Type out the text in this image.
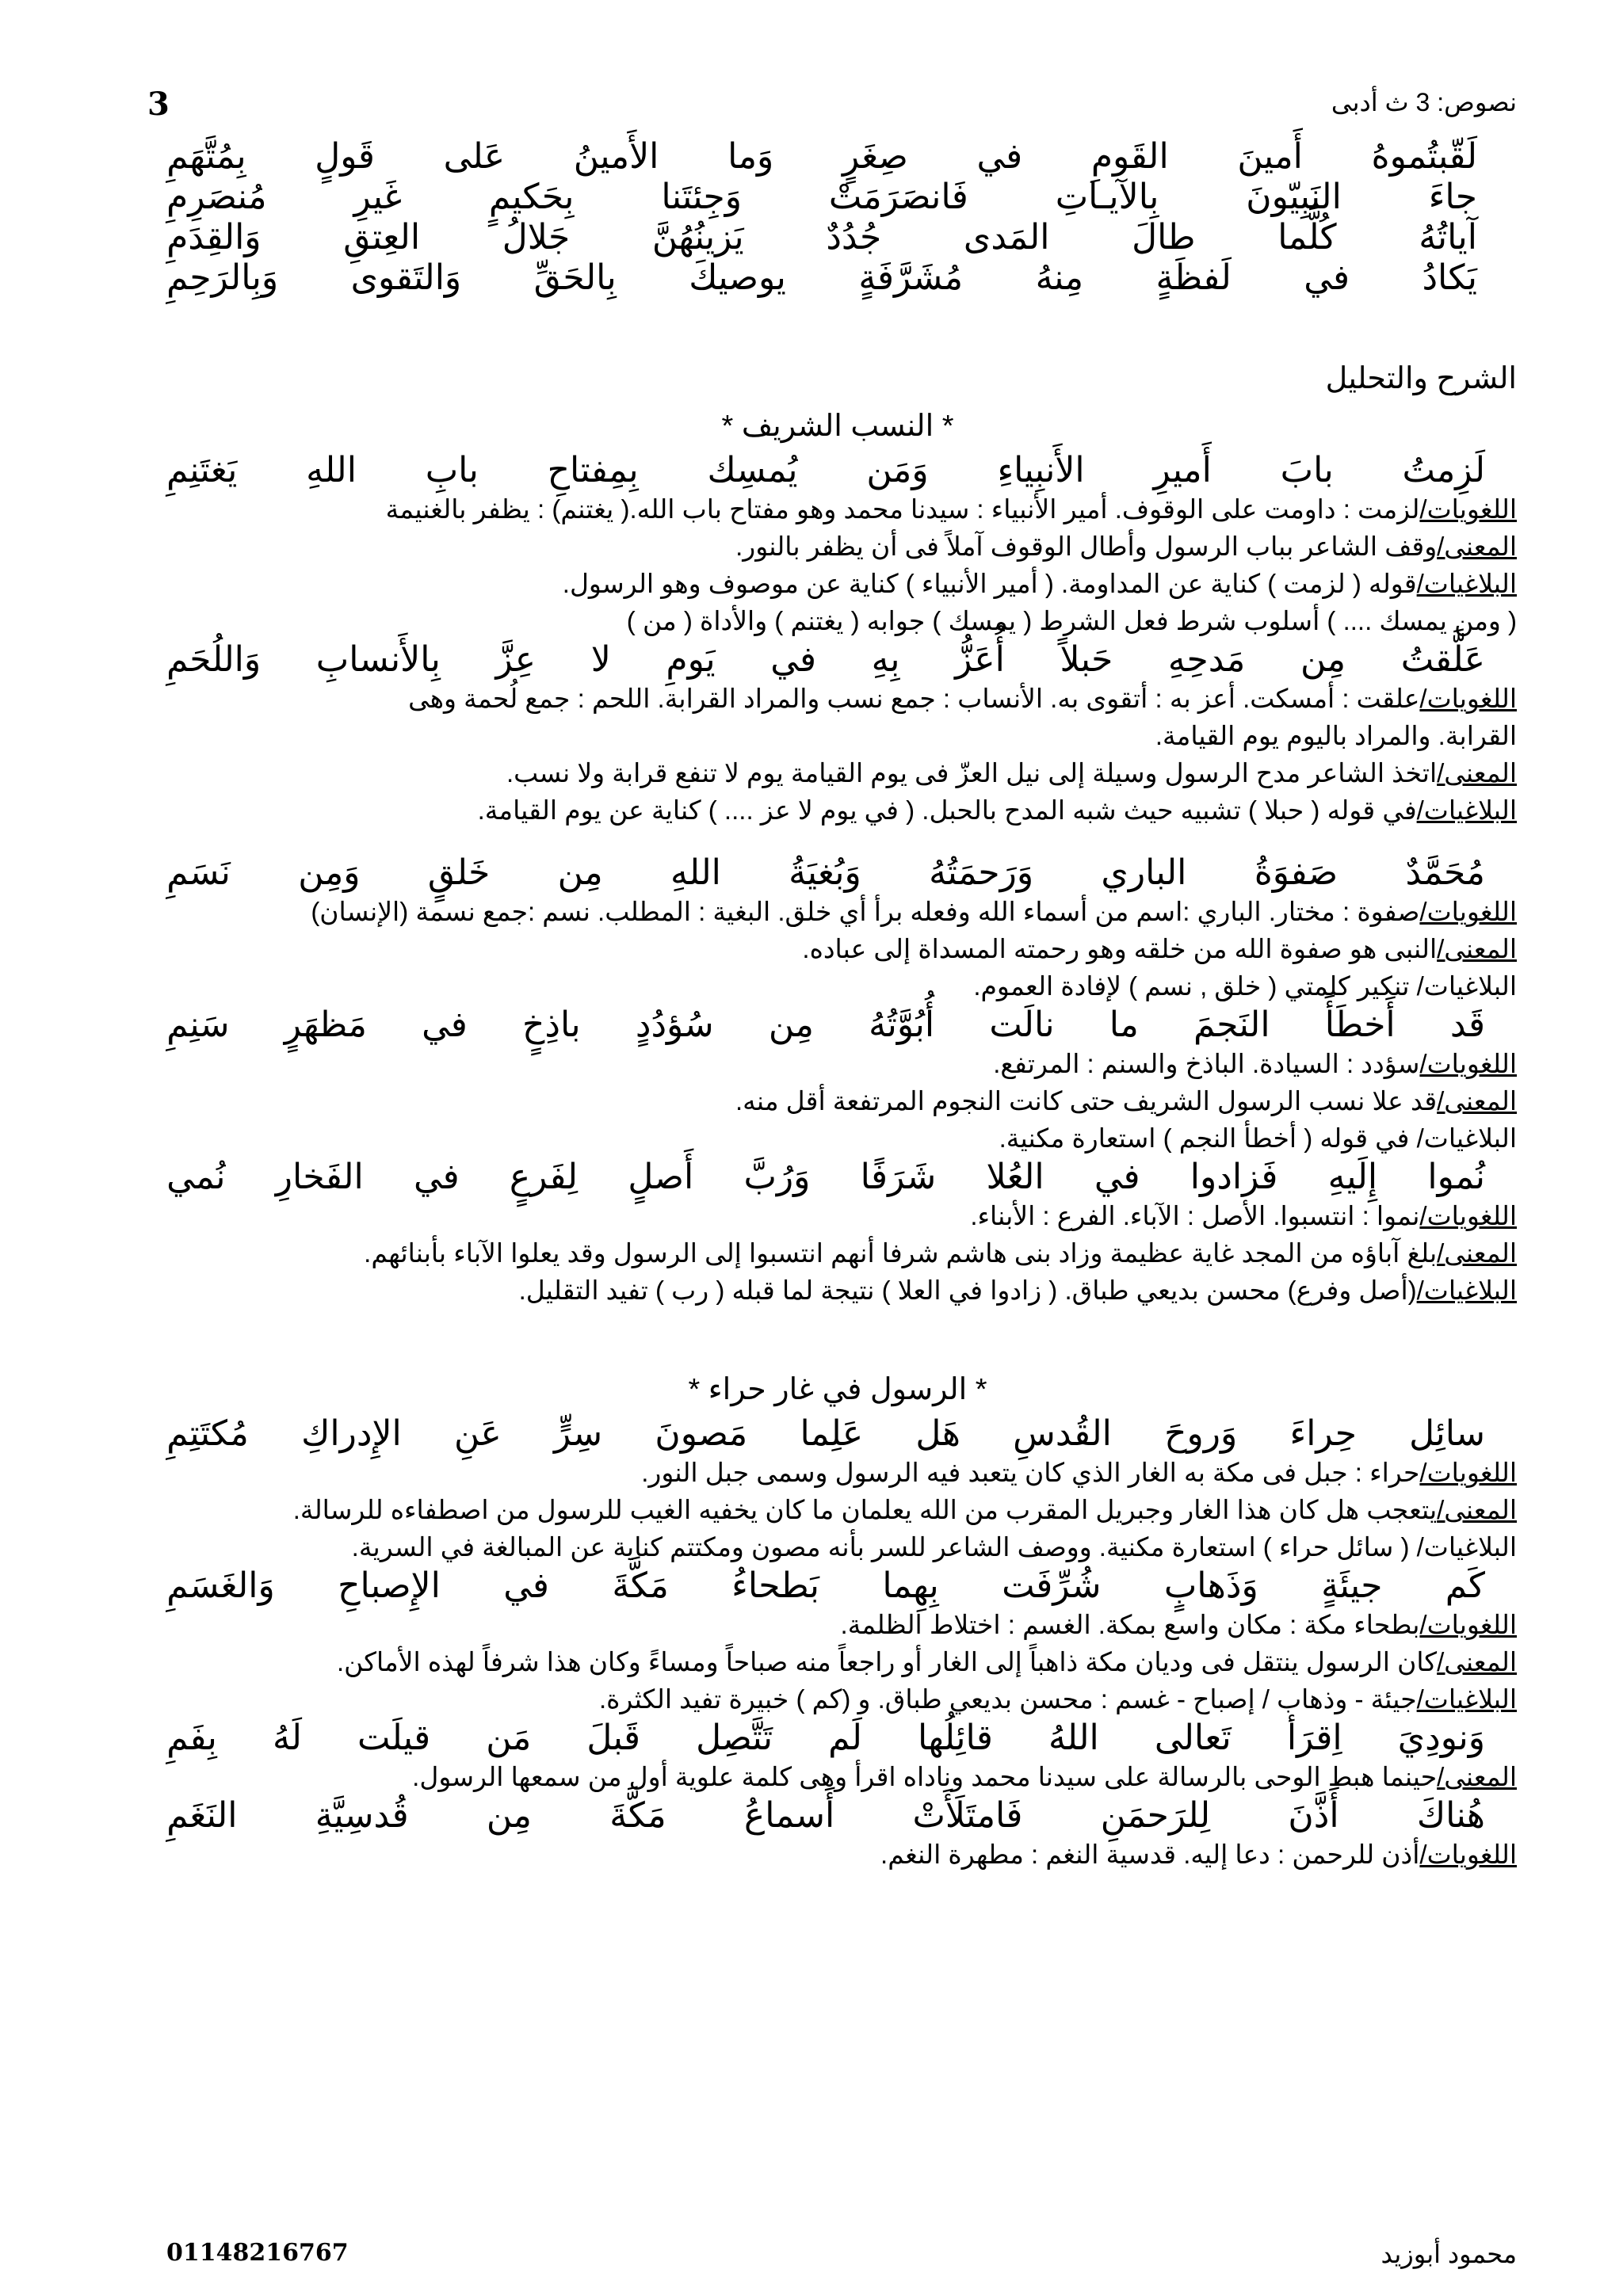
3	نصوص: 3 ث أدبى
لَقّبتُموهُ
أَمينَ
القَومِ
في
صِغَرٍ
وَما
الأَمينُ
عَلى
قَولٍ
بِمُتَّهَمِ
جاءَ
النَبِيّونَ
بِالآيـاتِ
فَانصَرَمَتْ
وَجِئتَنا
بِحَكيمٍ
غَيرِ
مُنصَرِمِ
آياتُهُ
كُلَّما
طالَ
المَدى
جُدُدٌ
يَزينُهُنَّ
جَلالُ
العِتقِ
وَالقِدَمِ
يَكادُ
في
لَفظَةٍ
مِنهُ
مُشَرَّفَةٍ
يوصيكَ
بِالحَقِّ
وَالتَقوى
وَبِالرَحِمِ
الشرح والتحليل
* النسب الشريف *
لَزِمتُ
بابَ
أَميرِ
الأَنبِياءِ
وَمَن
يُمسِك
بِمِفتاحِ
بابِ
اللهِ
يَغتَنِمِ
اللغويات/لزمت : داومت على الوقوف. أمير الأنبياء : سيدنا محمد وهو مفتاح باب الله.( يغتنم) : يظفر بالغنيمة
المعنى/وقف الشاعر بباب الرسول وأطال الوقوف آملاً فى أن يظفر بالنور.
البلاغيات/قوله ( لزمت ) كناية عن المداومة. ( أمير الأنبياء ) كناية عن موصوف وهو الرسول.
( ومن يمسك .... ) أسلوب شرط فعل الشرط ( يمسك ) جوابه ( يغتنم ) والأداة ( من )
عَلَّقتُ
مِن
مَدحِهِ
حَبلاً
أُعَزُّ
بِهِ
في
يَومِ
لا
عِزَّ
بِالأَنسابِ
وَاللُحَمِ
اللغويات/علقت : أمسكت. أعز به : أتقوى به. الأنساب : جمع نسب والمراد القرابة. اللحم : جمع لُحمة وهى
القرابة. والمراد باليوم يوم القيامة.
المعنى/اتخذ الشاعر مدح الرسول وسيلة إلى نيل العزّ فى يوم القيامة يوم لا تنفع قرابة ولا نسب.
البلاغيات/في قوله ( حبلا ) تشبيه حيث شبه المدح بالحبل. ( في يوم لا عز .... ) كناية عن يوم القيامة.
مُحَمَّدٌ
صَفوَةُ
الباري
وَرَحمَتُهُ
وَبُغيَةُ
اللهِ
مِن
خَلقٍ
وَمِن
نَسَمِ
اللغويات/صفوة : مختار. الباري :اسم من أسماء الله وفعله برأ أي خلق. البغية : المطلب. نسم :جمع نسمة (الإنسان)
المعنى/النبى هو صفوة الله من خلقه وهو رحمته المسداة إلى عباده.
البلاغيات/ تنكير كلمتي ( خلق , نسم ) لإفادة العموم.
قَد
أَخطَأَ
النَجمَ
ما
نالَت
أُبُوَّتُهُ
مِن
سُؤدُدٍ
باذِخٍ
في
مَظهَرٍ
سَنِمِ
اللغويات/سؤدد : السيادة. الباذخ والسنم : المرتفع.
المعنى/قد علا نسب الرسول الشريف حتى كانت النجوم المرتفعة أقل منه.
البلاغيات/ في قوله ( أخطأ النجم ) استعارة مكنية.
نُموا
إِلَيهِ
فَزادوا
في
العُلا
شَرَفًا
وَرُبَّ
أَصلٍ
لِفَرعٍ
في
الفَخارِ
نُمي
اللغويات/نموا : انتسبوا. الأصل : الآباء. الفرع : الأبناء.
المعنى/بلغ آباؤه من المجد غاية عظيمة وزاد بنى هاشم شرفا أنهم انتسبوا إلى الرسول وقد يعلوا الآباء بأبنائهم.
البلاغيات/(أصل وفرع) محسن بديعي طباق. ( زادوا في العلا ) نتيجة لما قبله ( رب ) تفيد التقليل.
* الرسول في غار حراء *
سائِل
حِراءَ
وَروحَ
القُدسِ
هَل
عَلِما
مَصونَ
سِرٍّ
عَنِ
الإِدراكِ
مُكتَتِمِ
اللغويات/حراء : جبل فى مكة به الغار الذي كان يتعبد فيه الرسول وسمى جبل النور.
المعنى/يتعجب هل كان هذا الغار وجبريل المقرب من الله يعلمان ما كان يخفيه الغيب للرسول من اصطفاءه للرسالة.
البلاغيات/ ( سائل حراء ) استعارة مكنية. ووصف الشاعر للسر بأنه مصون ومكتتم كناية عن المبالغة في السرية.
كَم
جيئَةٍ
وَذَهابٍ
شُرِّفَت
بِهِما
بَطحاءُ
مَكَّةَ
في
الإِصباحِ
وَالغَسَمِ
اللغويات/بطحاء مكة : مكان واسع بمكة. الغسم : اختلاط الظلمة.
المعنى/كان الرسول ينتقل فى وديان مكة ذاهباً إلى الغار أو راجعاً منه صباحاً ومساءً وكان هذا شرفاً لهذه الأماكن.
البلاغيات/جيئة - وذهاب / إصباح - غسم : محسن بديعي طباق. و (كم ) خبيرة تفيد الكثرة.
وَنودِيَ
اِقرَأ
تَعالى
اللهُ
قائِلُها
لَم
تَتَّصِل
قَبلَ
مَن
قيلَت
لَهُ
بِفَمِ
المعنى/حينما هبط الوحى بالرسالة على سيدنا محمد وناداه اقرأ وهى كلمة علوية أول من سمعها الرسول.
هُناكَ
أَذَّنَ
لِلرَحمَنِ
فَامتَلَأَتْ
أَسماعُ
مَكَّةَ
مِن
قُدسِيَّةِ
النَغَمِ
اللغويات/أذن للرحمن : دعا إليه. قدسية النغم : مطهرة النغم.
01148216767	محمود أبوزيد
